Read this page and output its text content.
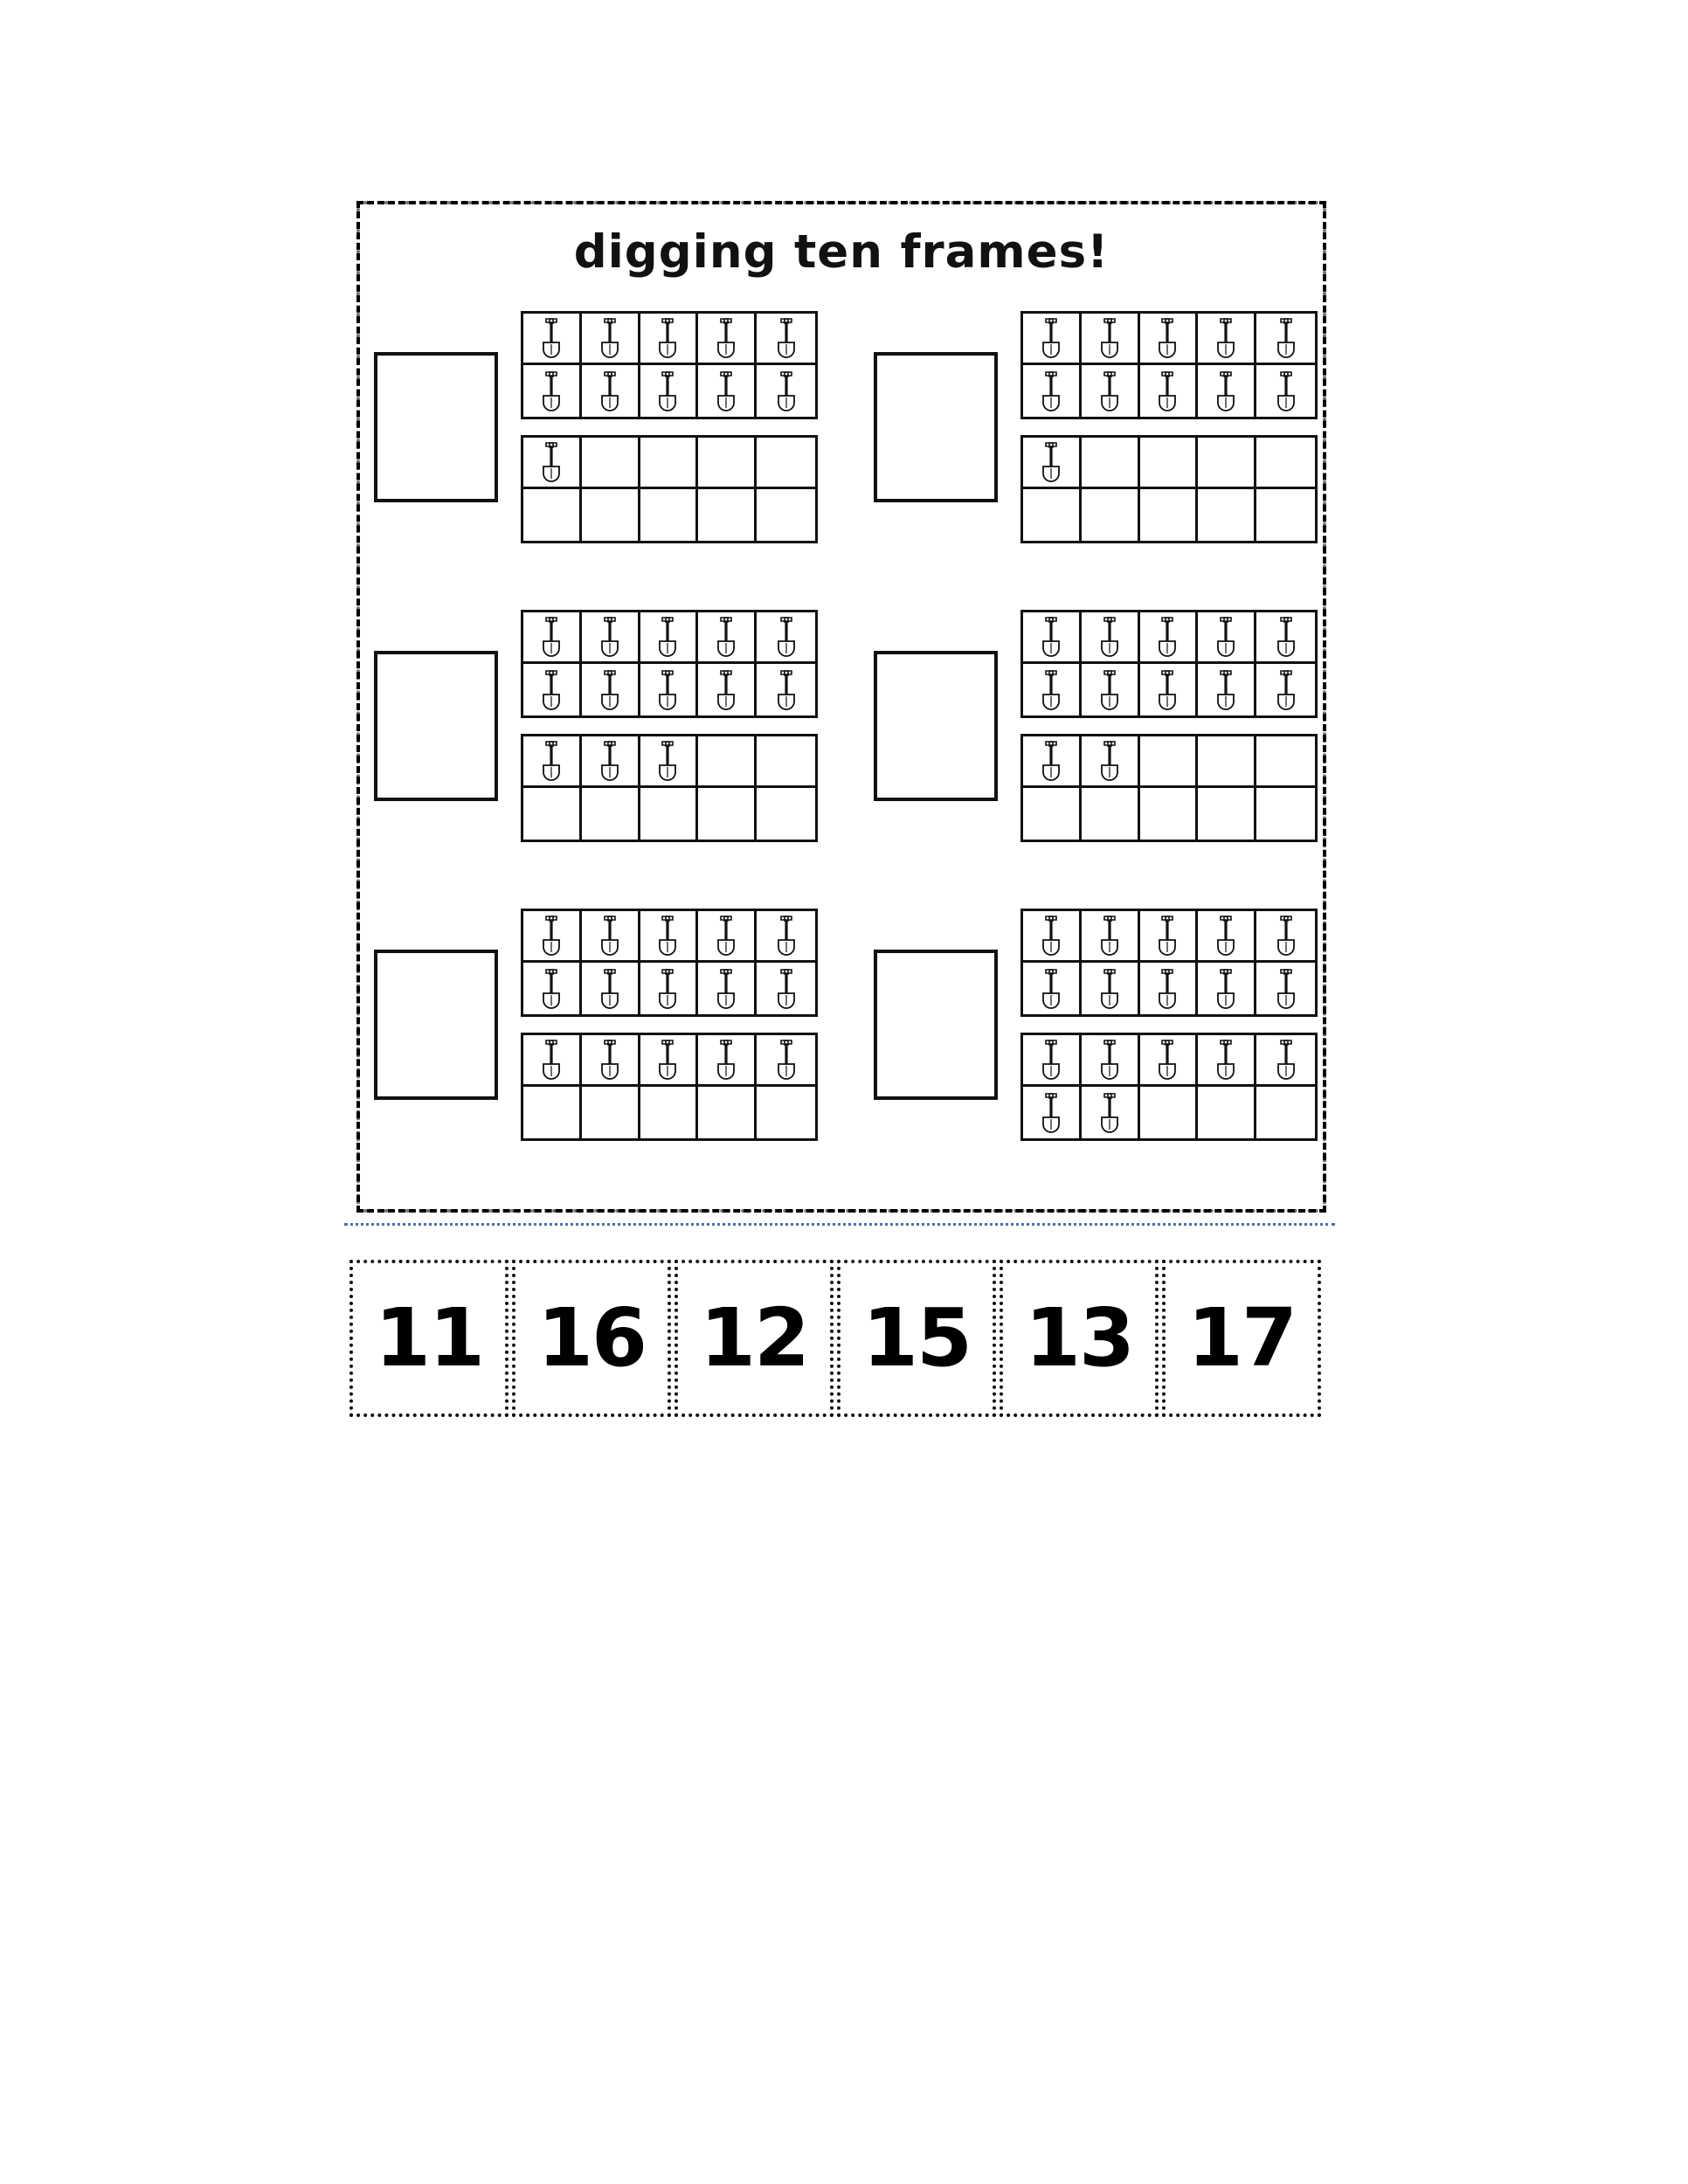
digging ten frames!
11 16 12 15 13 17
